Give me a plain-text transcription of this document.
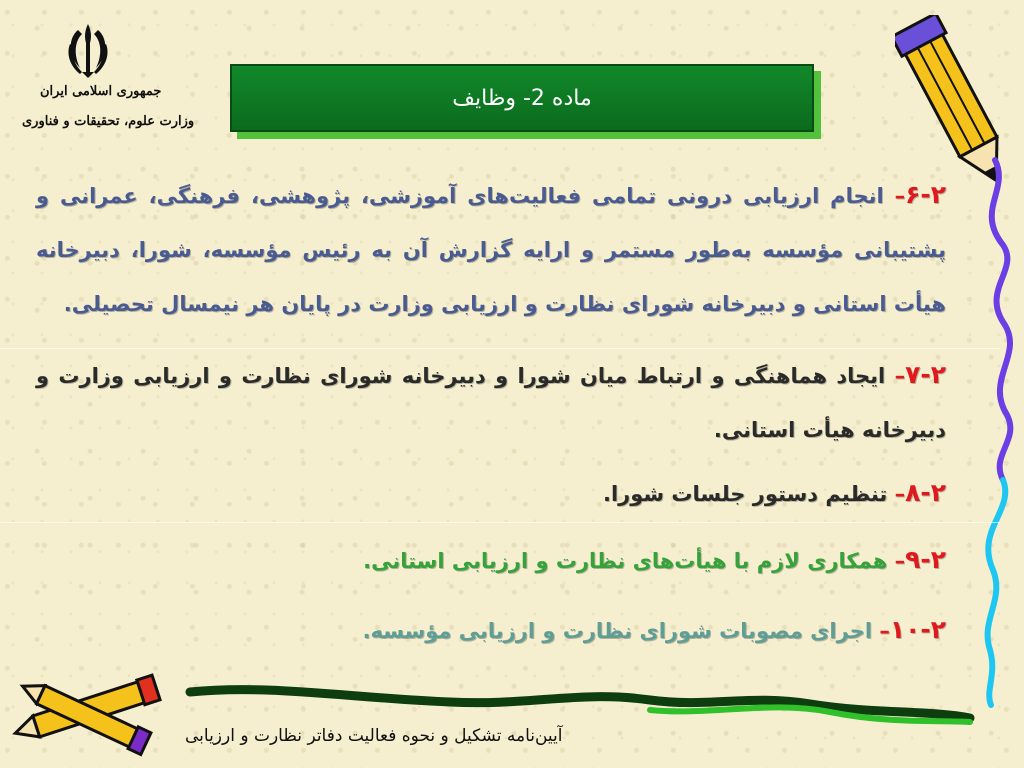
جمهوری اسلامی ایران
وزارت علوم، تحقیقات و فناوری
ماده 2- وظایف
۶-۲– انجام ارزیابی درونی تمامی فعالیت‌های آموزشی، پژوهشی، فرهنگی، عمرانی و پشتیبانی مؤسسه به‌طور مستمر و ارایه گزارش آن به رئیس مؤسسه، شورا، دبیرخانه هیأت استانی و دبیرخانه شورای نظارت و ارزیابی وزارت در پایان هر نیمسال تحصیلی.
۷-۲– ایجاد هماهنگی و ارتباط میان شورا و دبیرخانه شورای نظارت و ارزیابی وزارت و دبیرخانه هیأت استانی.
۸-۲– تنظیم دستور جلسات شورا.
۹-۲– همکاری لازم با هیأت‌های نظارت و ارزیابی استانی.
۱۰-۲– اجرای مصوبات شورای نظارت و ارزیابی مؤسسه.
آیین‌نامه تشکیل و نحوه فعالیت دفاتر نظارت و ارزیابی
